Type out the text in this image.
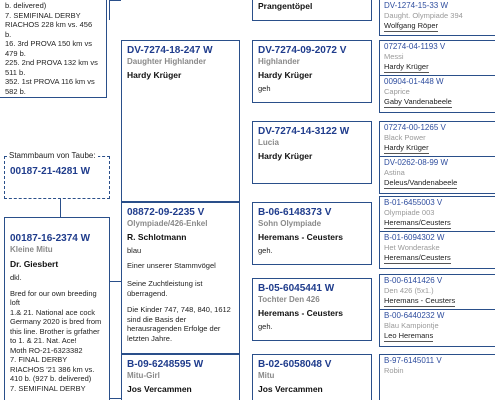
b. delivered)
7. SEMIFINAL DERBY
RIACHOS 228 km vs. 456
b.
16. 3rd PROVA 150 km vs
479 b.
225. 2nd PROVA 132 km vs
511 b.
352. 1st PROVA 116 km vs
582 b.
00187-21-4281 W
Stammbaum von Taube:
00187-16-2374 W
Kleine Mitu
Dr. Giesbert
dkl.
Bred for our own breeding
loft
1.& 21. National ace cock
Germany 2020 is bred from
this line. Brother is grfather
to 1. & 21. Nat. Ace!
Moth RO-21-6323382
7. FINAL DERBY
RIACHOS '21 386 km vs.
410 b. (927 b. delivered)
7. SEMIFINAL DERBY
DV-7274-18-247 W
Daughter Highlander
Hardy Krüger
08872-09-2235 V
Olympiade/426-Enkel
R. Schlotmann
blau
Einer unserer Stammvögel
Seine Zuchtleistung ist überragend.
Die Kinder 747, 748, 840, 1612 sind die Basis der herausragenden Erfolge der letzten Jahre.
B-09-6248595 W
Mitu-Girl
Jos Vercammen
Prangentöpel
DV-7274-09-2072 V
Highlander
Hardy Krüger
geh
DV-7274-14-3122 W
Lucia
Hardy Krüger
B-06-6148373 V
Sohn Olympiade
Heremans - Ceusters
geh.
B-05-6045441 W
Tochter Den 426
Heremans - Ceusters
geh.
B-02-6058048 V
Mitu
Jos Vercammen
DV-1274-15-33 W
Daught. Olympiade 394
Wolfgang Röper
07274-04-1193 V
Messi
Hardy Krüger
00904-01-448 W
Caprice
Gaby Vandenabeele
07274-00-1265 V
Black Power
Hardy Krüger
DV-0262-08-99 W
Astina
Deleus/Vandenabeele
B-01-6455003 V
Olympiade 003
Heremans/Ceusters
B-01-6094302 W
Het Wonderaske
Heremans/Ceusters
B-00-6141426 V
Den 426 (5x1.)
Heremans - Ceusters
B-00-6440232 W
Blau Kampiontje
Leo Heremans
B-97-6145011 V
Robin
